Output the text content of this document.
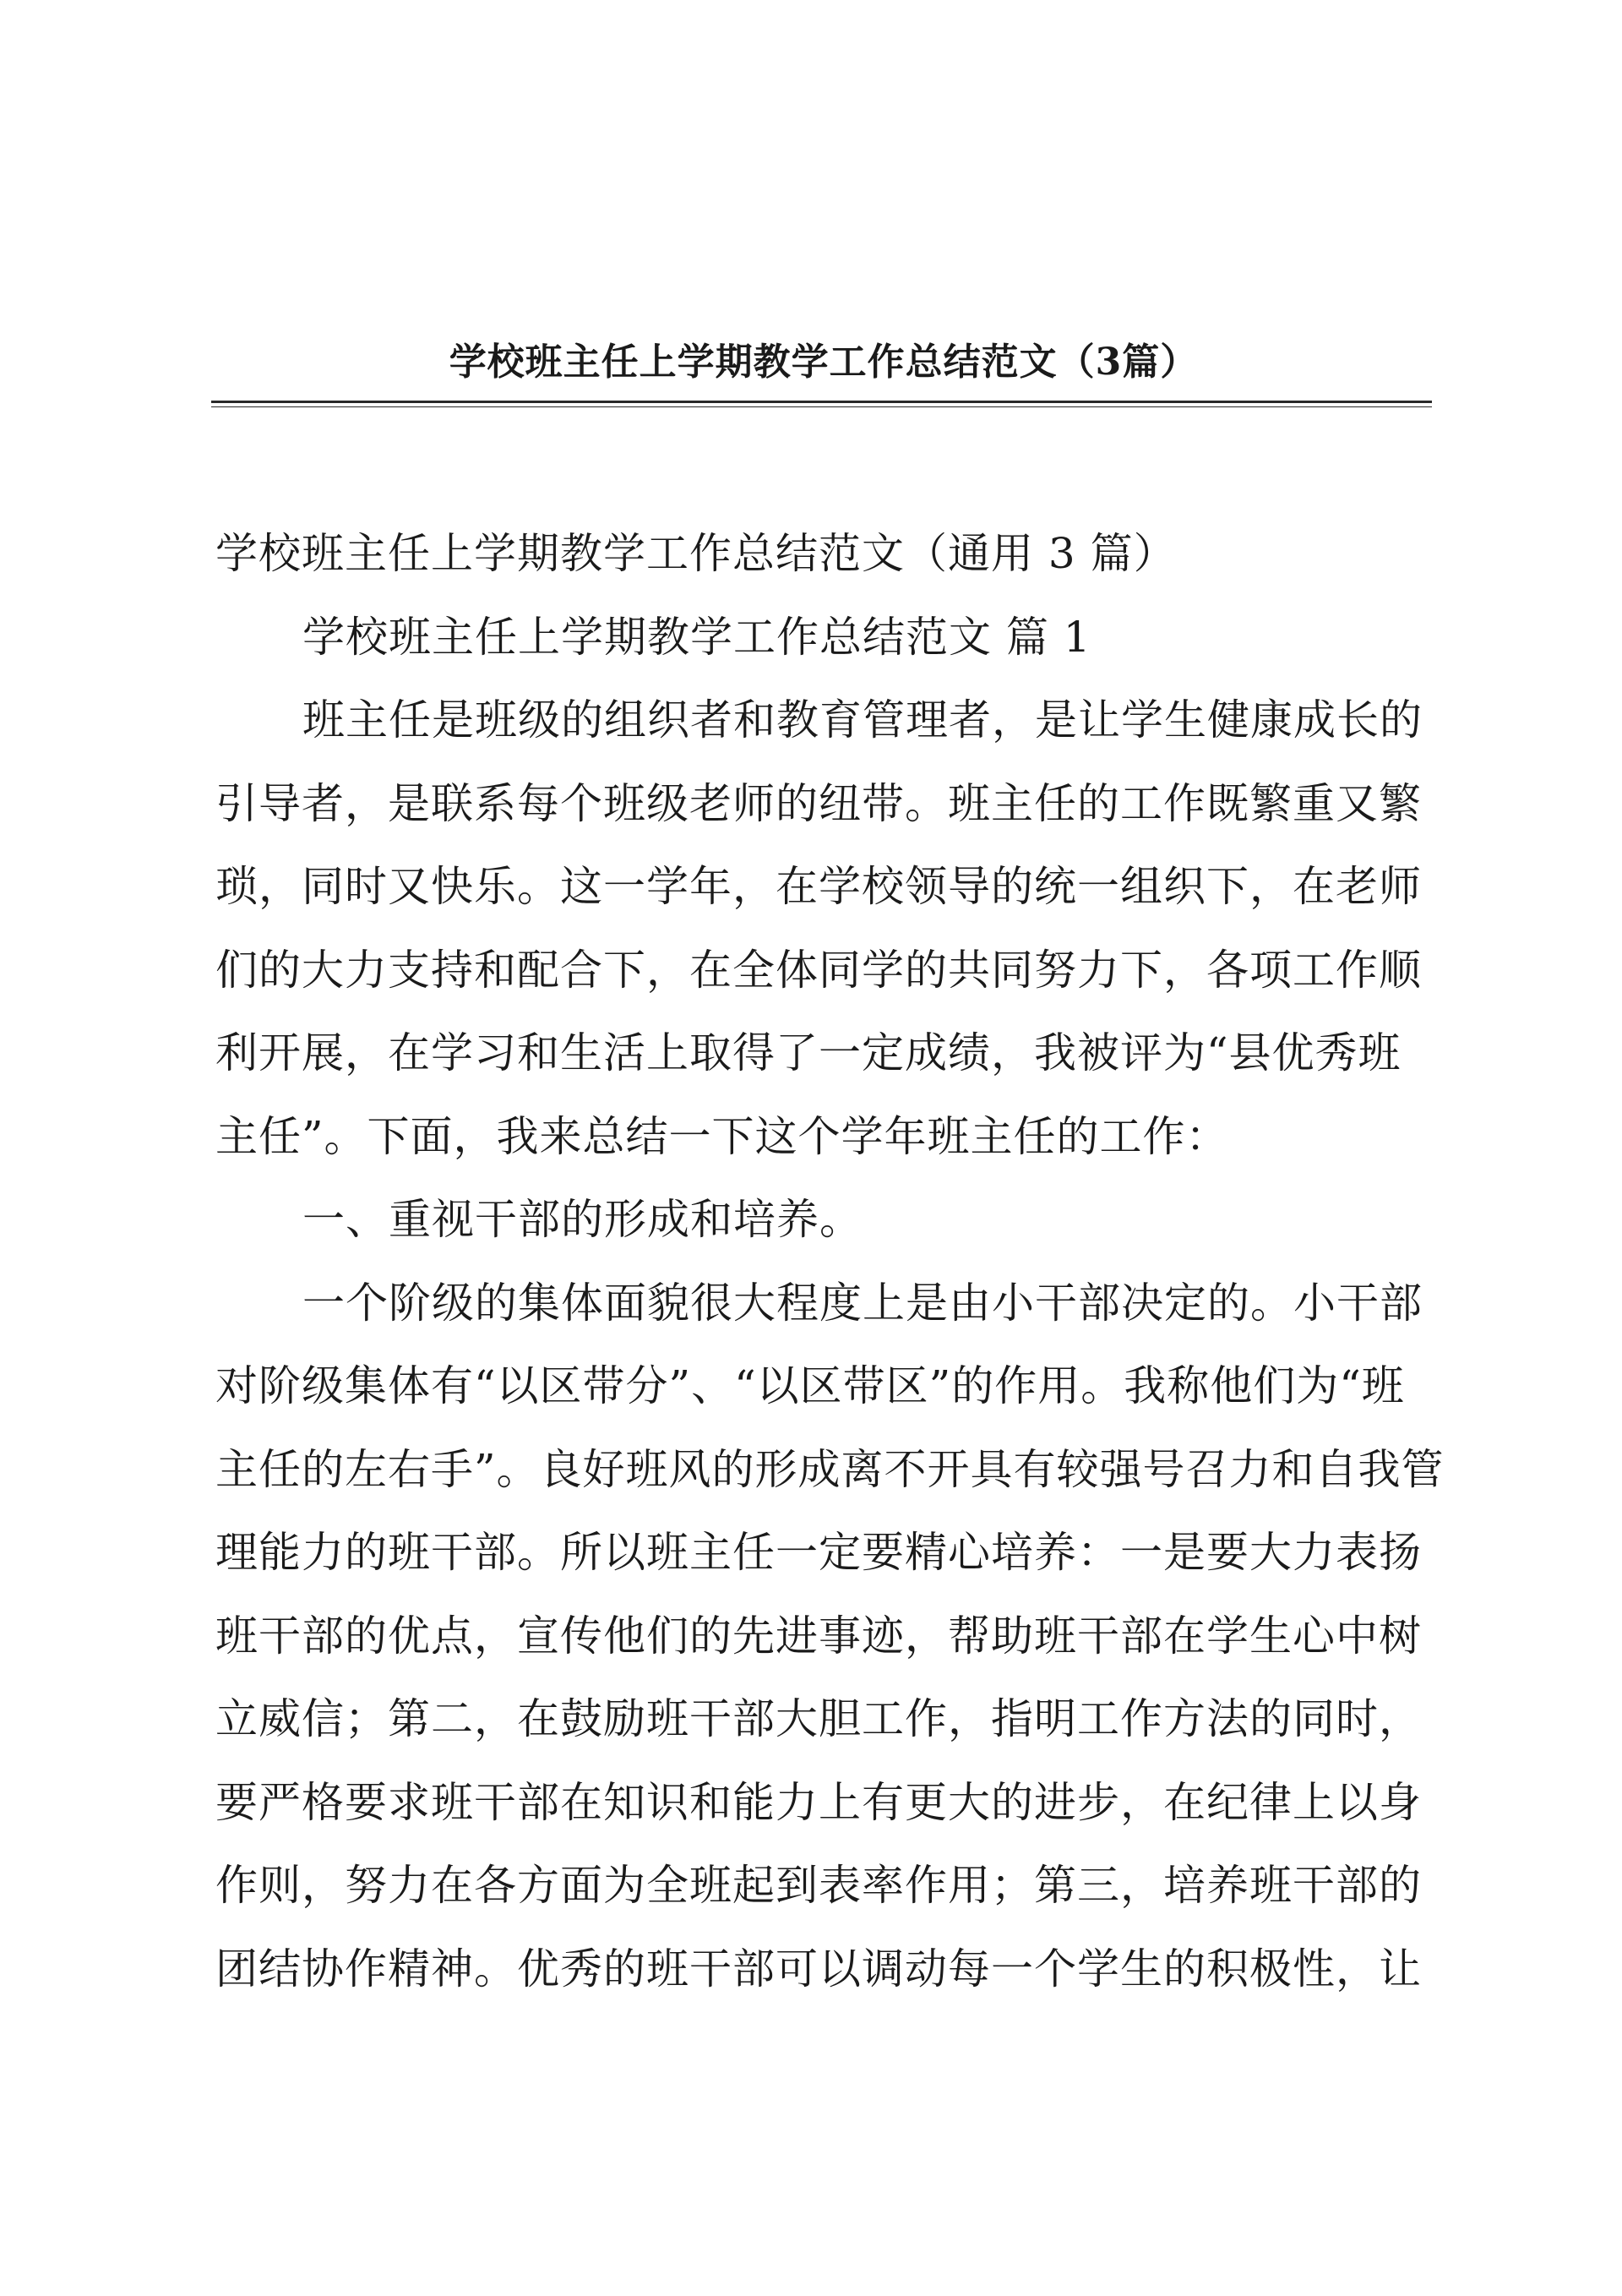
学校班主任上学期教学工作总结范文（3篇）
学校班主任上学期教学工作总结范文（通用 3 篇）
学校班主任上学期教学工作总结范文 篇 1
班主任是班级的组织者和教育管理者，是让学生健康成长的
引导者，是联系每个班级老师的纽带。班主任的工作既繁重又繁
琐，同时又快乐。这一学年，在学校领导的统一组织下，在老师
们的大力支持和配合下，在全体同学的共同努力下，各项工作顺
利开展，在学习和生活上取得了一定成绩，我被评为“县优秀班
主任”。下面，我来总结一下这个学年班主任的工作：
一、重视干部的形成和培养。
一个阶级的集体面貌很大程度上是由小干部决定的。小干部
对阶级集体有“以区带分”、“以区带区”的作用。我称他们为“班
主任的左右手”。良好班风的形成离不开具有较强号召力和自我管
理能力的班干部。所以班主任一定要精心培养：一是要大力表扬
班干部的优点，宣传他们的先进事迹，帮助班干部在学生心中树
立威信；第二，在鼓励班干部大胆工作，指明工作方法的同时，
要严格要求班干部在知识和能力上有更大的进步，在纪律上以身
作则，努力在各方面为全班起到表率作用；第三，培养班干部的
团结协作精神。优秀的班干部可以调动每一个学生的积极性，让
